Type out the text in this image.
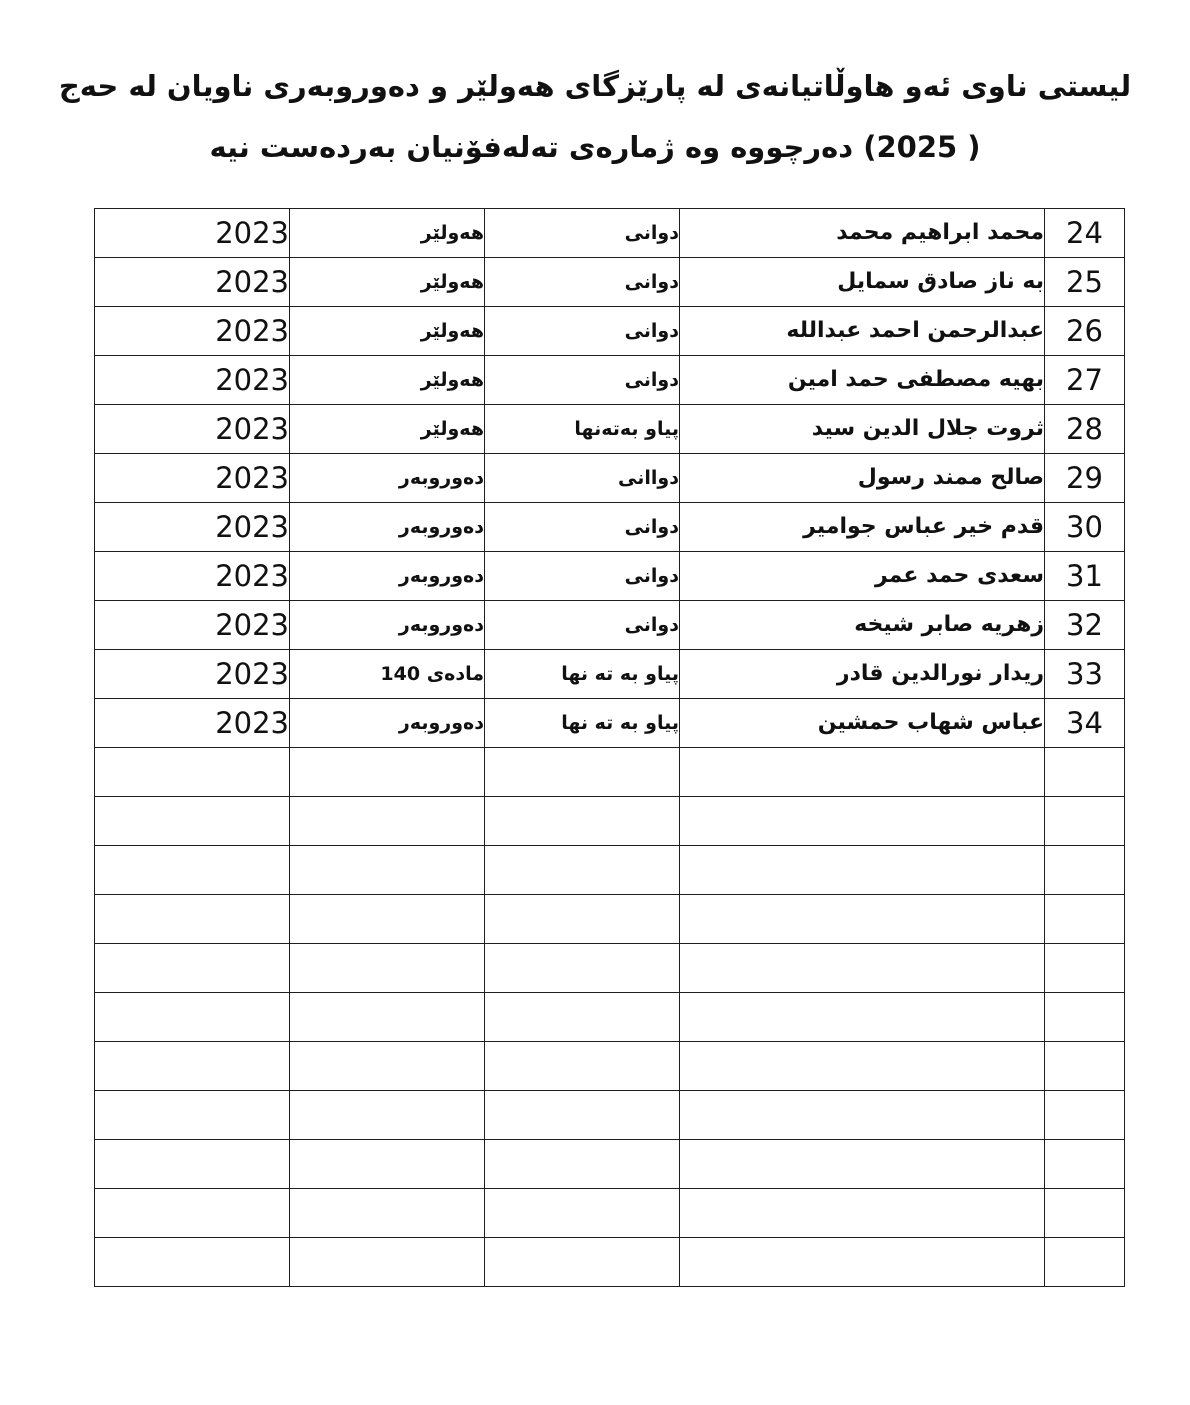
لیستی ناوی ئەو هاوڵاتیانەی له پارێزگای هەولێر و دەوروبەری ناویان له حەج
( 2025) دەرچووە وە ژمارەی تەلەفۆنیان بەردەست نیە
24	محمد ابراهيم محمد	دوانی	هەولێر	2023
25	به ناز صادق سمايل	دوانی	هەولێر	2023
26	عبدالرحمن احمد عبدالله	دوانی	هەولێر	2023
27	بهيه مصطفى حمد امين	دوانی	هەولێر	2023
28	ثروت جلال الدين سيد	پیاو بەتەنها	هەولێر	2023
29	صالح ممند رسول	دواانی	دەوروبەر	2023
30	قدم خير عباس جوامير	دوانی	دەوروبەر	2023
31	سعدی حمد عمر	دوانی	دەوروبەر	2023
32	زهريه صابر شيخه	دوانی	دەوروبەر	2023
33	ريدار نورالدين قادر	پیاو به ته نها	مادەی 140	2023
34	عباس شهاب حمشين	پیاو به ته نها	دەوروبەر	2023
